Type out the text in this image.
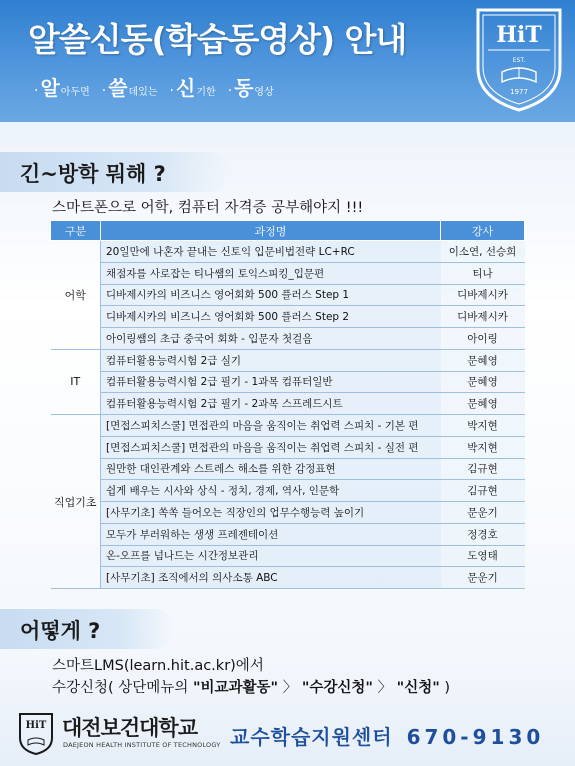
알쓸신동(학습동영상) 안내
· 알 아두면 · 쓸 데있는 · 신 기한 · 동 영상
HiT
EST.
1977
긴~방학 뭐해 ?
스마트폰으로 어학, 컴퓨터 자격증 공부해야지 !!!
구분	과정명	강사
어학	20일만에 나혼자 끝내는 신토익 입문비법전략 LC+RC	이소연, 선승희
	채점자를 사로잡는 티나쌤의 토익스피킹_입문편	티나
	디바제시카의 비즈니스 영어회화 500 플러스 Step 1	디바제시카
	디바제시카의 비즈니스 영어회화 500 플러스 Step 2	디바제시카
	아이링쌤의 초급 중국어 회화 - 입문자 첫걸음	아이링
IT	컴퓨터활용능력시험 2급 실기	문혜영
	컴퓨터활용능력시험 2급 필기 - 1과목 컴퓨터일반	문혜영
	컴퓨터활용능력시험 2급 필기 - 2과목 스프레드시트	문혜영
직업기초	[면접스피치스쿨] 면접관의 마음을 움직이는 취업력 스피치 - 기본 편	박지현
	[면접스피치스쿨] 면접관의 마음을 움직이는 취업력 스피치 - 실전 편	박지현
	원만한 대인관계와 스트레스 해소를 위한 감정표현	김규현
	쉽게 배우는 시사와 상식 - 정치, 경제, 역사, 인문학	김규현
	[사무기초] 쏙쏙 들어오는 직장인의 업무수행능력 높이기	문운기
	모두가 부러워하는 생생 프레젠테이션	정경호
	온-오프를 넘나드는 시간정보관리	도영태
	[사무기초] 조직에서의 의사소통 ABC	문운기
어떻게 ?
스마트LMS(learn.hit.ac.kr)에서
수강신청( 상단메뉴의 "비교과활동" 〉 "수강신청" 〉 "신청" )
HiT 대전보건대학교
DAEJEON HEALTH INSTITUTE OF TECHNOLOGY 교수학습지원센터 670-9130
